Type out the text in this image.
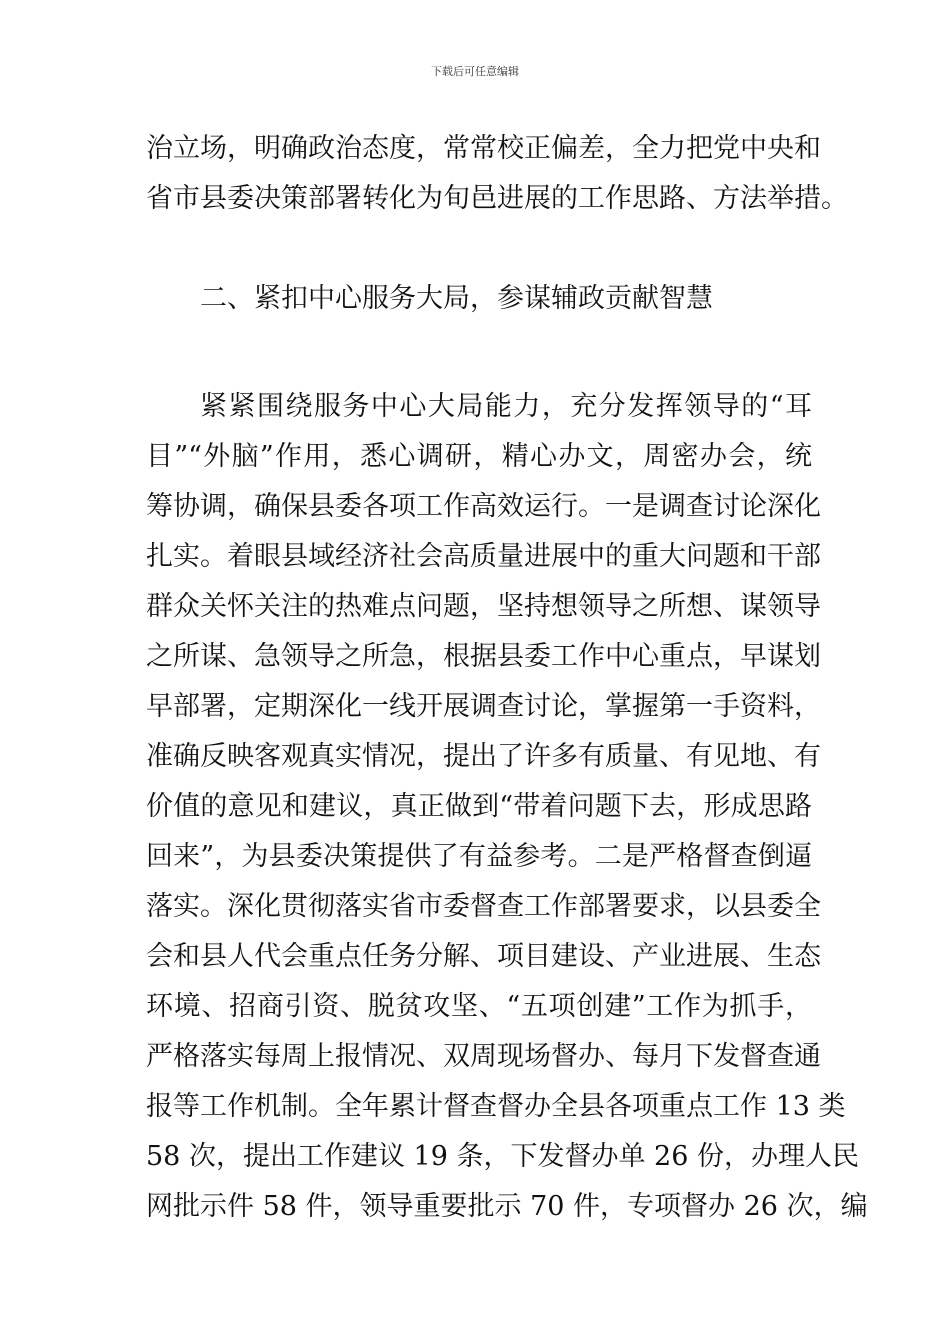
下载后可任意编辑
治立场，明确政治态度，常常校正偏差，全力把党中央和
省市县委决策部署转化为旬邑进展的工作思路、方法举措。
二、紧扣中心服务大局，参谋辅政贡献智慧
紧紧围绕服务中心大局能力，充分发挥领导的“耳
目”“外脑”作用，悉心调研，精心办文，周密办会，统
筹协调，确保县委各项工作高效运行。一是调查讨论深化
扎实。着眼县域经济社会高质量进展中的重大问题和干部
群众关怀关注的热难点问题，坚持想领导之所想、谋领导
之所谋、急领导之所急，根据县委工作中心重点，早谋划
早部署，定期深化一线开展调查讨论，掌握第一手资料，
准确反映客观真实情况，提出了许多有质量、有见地、有
价值的意见和建议，真正做到“带着问题下去，形成思路
回来”，为县委决策提供了有益参考。二是严格督查倒逼
落实。深化贯彻落实省市委督查工作部署要求，以县委全
会和县人代会重点任务分解、项目建设、产业进展、生态
环境、招商引资、脱贫攻坚、“五项创建”工作为抓手，
严格落实每周上报情况、双周现场督办、每月下发督查通
报等工作机制。全年累计督查督办全县各项重点工作 13 类
58 次，提出工作建议 19 条，下发督办单 26 份，办理人民
网批示件 58 件，领导重要批示 70 件，专项督办 26 次，编
